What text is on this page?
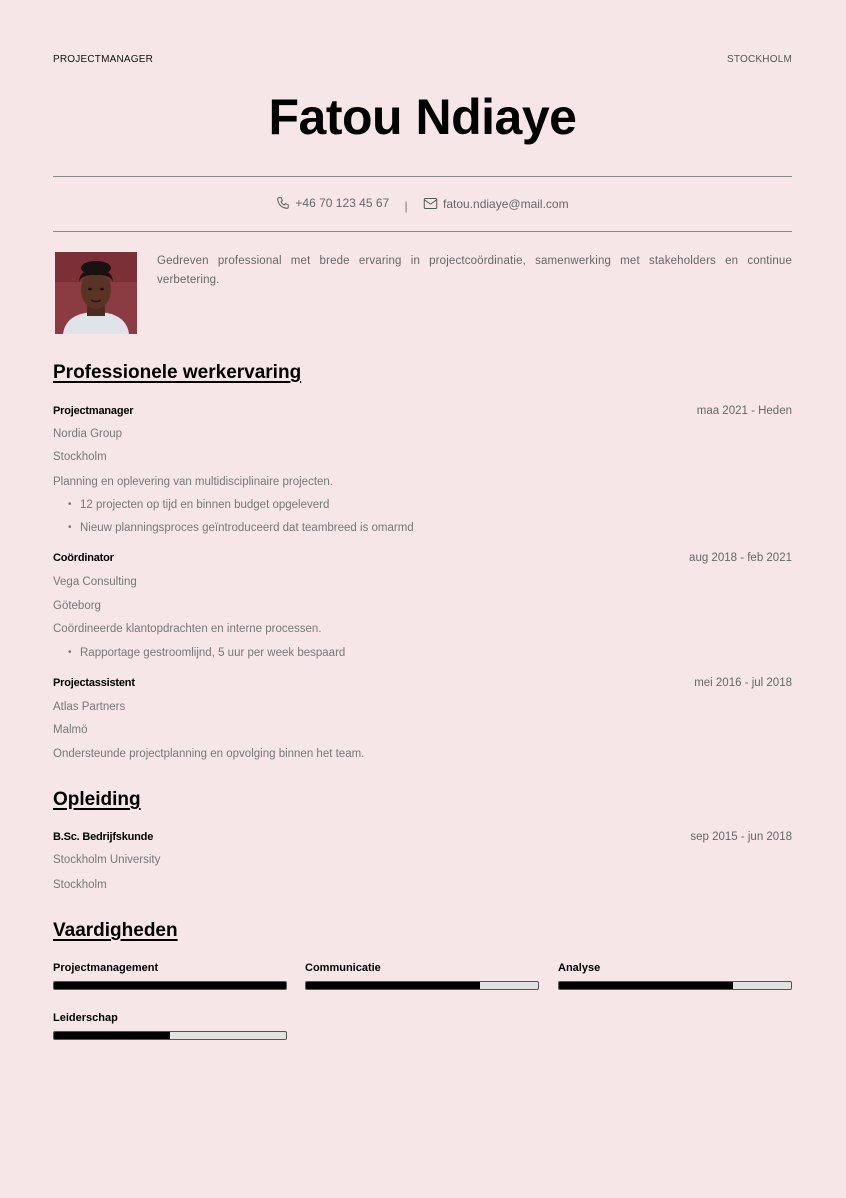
PROJECTMANAGER	STOCKHOLM
Fatou Ndiaye
+46 70 123 45 67 |	fatou.ndiaye@mail.com
Gedreven professional met brede ervaring in projectcoördinatie, samenwerking met stakeholders en continue verbetering.
Professionele werkervaring
Projectmanager	maa 2021 - Heden
Nordia Group
Stockholm
Planning en oplevering van multidisciplinaire projecten.
• 12 projecten op tijd en binnen budget opgeleverd
• Nieuw planningsproces geïntroduceerd dat teambreed is omarmd
Coördinator	aug 2018 - feb 2021
Vega Consulting
Göteborg
Coördineerde klantopdrachten en interne processen.
• Rapportage gestroomlijnd, 5 uur per week bespaard
Projectassistent	mei 2016 - jul 2018
Atlas Partners
Malmö
Ondersteunde projectplanning en opvolging binnen het team.
Opleiding
B.Sc. Bedrijfskunde	sep 2015 - jun 2018
Stockholm University
Stockholm
Vaardigheden
Projectmanagement	Communicatie	Analyse
Leiderschap
